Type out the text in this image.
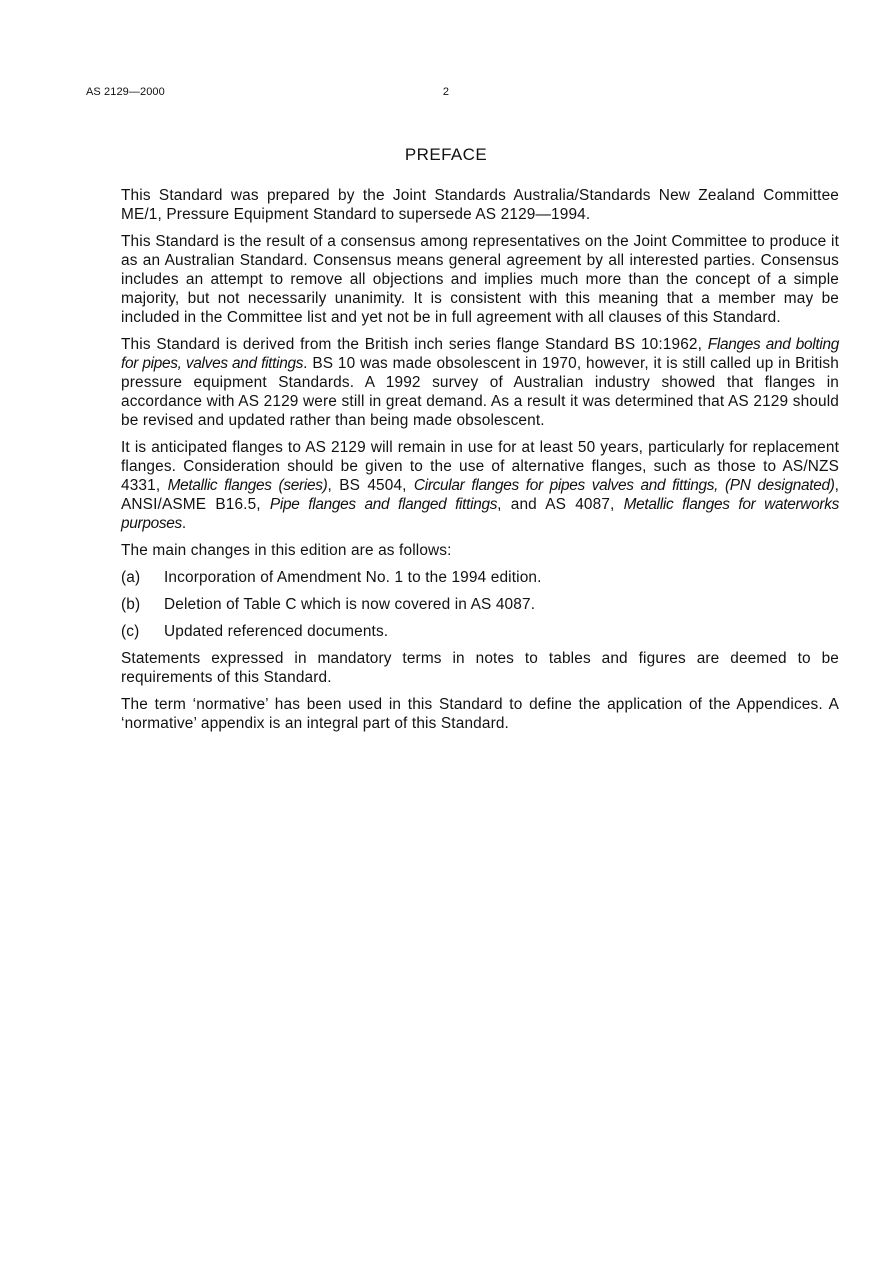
AS 2129—2000	2
PREFACE

This Standard was prepared by the Joint Standards Australia/Standards New Zealand Committee ME/1, Pressure Equipment Standard to supersede AS 2129—1994.

This Standard is the result of a consensus among representatives on the Joint Committee to produce it as an Australian Standard. Consensus means general agreement by all interested parties. Consensus includes an attempt to remove all objections and implies much more than the concept of a simple majority, but not necessarily unanimity. It is consistent with this meaning that a member may be included in the Committee list and yet not be in full agreement with all clauses of this Standard.

This Standard is derived from the British inch series flange Standard BS 10:1962, Flanges and bolting for pipes, valves and fittings. BS 10 was made obsolescent in 1970, however, it is still called up in British pressure equipment Standards. A 1992 survey of Australian industry showed that flanges in accordance with AS 2129 were still in great demand. As a result it was determined that AS 2129 should be revised and updated rather than being made obsolescent.

It is anticipated flanges to AS 2129 will remain in use for at least 50 years, particularly for replacement flanges. Consideration should be given to the use of alternative flanges, such as those to AS/NZS 4331, Metallic flanges (series), BS 4504, Circular flanges for pipes valves and fittings, (PN designated), ANSI/ASME B16.5, Pipe flanges and flanged fittings, and AS 4087, Metallic flanges for waterworks purposes.

The main changes in this edition are as follows:

(a)	Incorporation of Amendment No. 1 to the 1994 edition.
(b)	Deletion of Table C which is now covered in AS 4087.
(c)	Updated referenced documents.

Statements expressed in mandatory terms in notes to tables and figures are deemed to be requirements of this Standard.

The term ‘normative’ has been used in this Standard to define the application of the Appendices. A ‘normative’ appendix is an integral part of this Standard.
